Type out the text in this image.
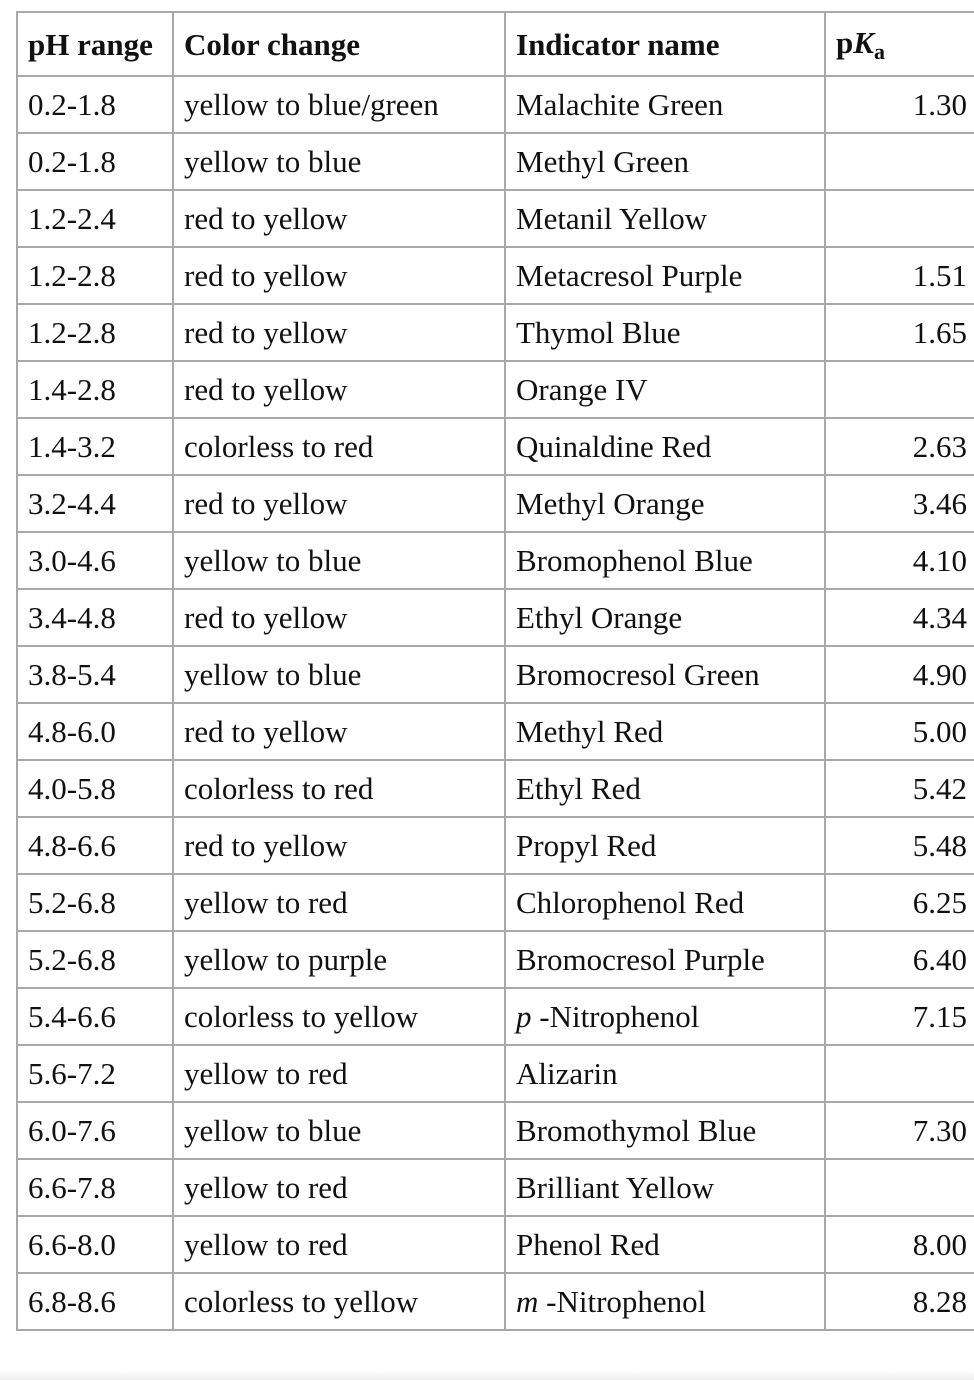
pH range	Color change	Indicator name	$pK_a$
0.2-1.8	yellow to blue/green	Malachite Green	1.30
0.2-1.8	yellow to blue	Methyl Green	
1.2-2.4	red to yellow	Metanil Yellow	
1.2-2.8	red to yellow	Metacresol Purple	1.51
1.2-2.8	red to yellow	Thymol Blue	1.65
1.4-2.8	red to yellow	Orange IV	
1.4-3.2	colorless to red	Quinaldine Red	2.63
3.2-4.4	red to yellow	Methyl Orange	3.46
3.0-4.6	yellow to blue	Bromophenol Blue	4.10
3.4-4.8	red to yellow	Ethyl Orange	4.34
3.8-5.4	yellow to blue	Bromocresol Green	4.90
4.8-6.0	red to yellow	Methyl Red	5.00
4.0-5.8	colorless to red	Ethyl Red	5.42
4.8-6.6	red to yellow	Propyl Red	5.48
5.2-6.8	yellow to red	Chlorophenol Red	6.25
5.2-6.8	yellow to purple	Bromocresol Purple	6.40
5.4-6.6	colorless to yellow	p -Nitrophenol	7.15
5.6-7.2	yellow to red	Alizarin	
6.0-7.6	yellow to blue	Bromothymol Blue	7.30
6.6-7.8	yellow to red	Brilliant Yellow	
6.6-8.0	yellow to red	Phenol Red	8.00
6.8-8.6	colorless to yellow	m -Nitrophenol	8.28
